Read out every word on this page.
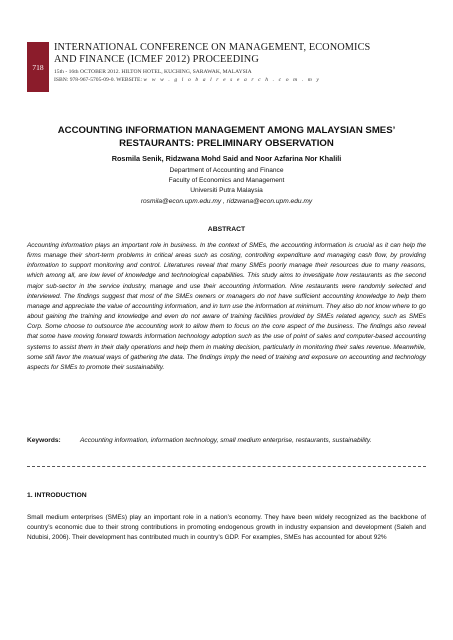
718
INTERNATIONAL CONFERENCE ON MANAGEMENT, ECONOMICS
AND FINANCE (ICMEF 2012) PROCEEDING
15th - 16th OCTOBER 2012. HILTON HOTEL, KUCHING, SARAWAK, MALAYSIA
ISBN: 978-967-5705-09-0. WEBSITE: w w w . g l o b a l r e s e a r c h . c o m . m y
ACCOUNTING INFORMATION MANAGEMENT AMONG MALAYSIAN SMES’
RESTAURANTS: PRELIMINARY OBSERVATION
Rosmila Senik, Ridzwana Mohd Said and Noor Azfarina Nor Khalili
Department of Accounting and Finance
Faculty of Economics and Management
Universiti Putra Malaysia
rosmila@econ.upm.edu.my , ridzwana@econ.upm.edu.my
ABSTRACT

Accounting information plays an important role in business. In the context of SMEs, the accounting information is crucial as it can help the firms manage their short-term problems in critical areas such as costing, controlling expenditure and managing cash flow, by providing information to support monitoring and control. Literatures reveal that many SMEs poorly manage their resources due to many reasons, which among all, are low level of knowledge and technological capabilities. This study aims to investigate how restaurants as the second major sub-sector in the service industry, manage and use their accounting information. Nine restaurants were randomly selected and interviewed. The findings suggest that most of the SMEs owners or managers do not have sufficient accounting knowledge to help them manage and appreciate the value of accounting information, and in turn use the information at minimum. They also do not know where to go about gaining the training and knowledge and even do not aware of training facilities provided by SMEs related agency, such as SMEs Corp. Some choose to outsource the accounting work to allow them to focus on the core aspect of the business. The findings also reveal that some have moving forward towards information technology adoption such as the use of point of sales and computer-based accounting systems to assist them in their daily operations and help them in making decision, particularly in monitoring their sales revenue. Meanwhile, some still favor the manual ways of gathering the data. The findings imply the need of training and exposure on accounting and technology aspects for SMEs to promote their sustainability.

Keywords:	Accounting information, information technology, small medium enterprise, restaurants, sustainability.
1. INTRODUCTION

Small medium enterprises (SMEs) play an important role in a nation’s economy. They have been widely recognized as the backbone of country’s economic due to their strong contributions in promoting endogenous growth in industry expansion and development (Saleh and Ndubisi, 2006). Their development has contributed much in country’s GDP. For examples, SMEs has accounted for about 92%
